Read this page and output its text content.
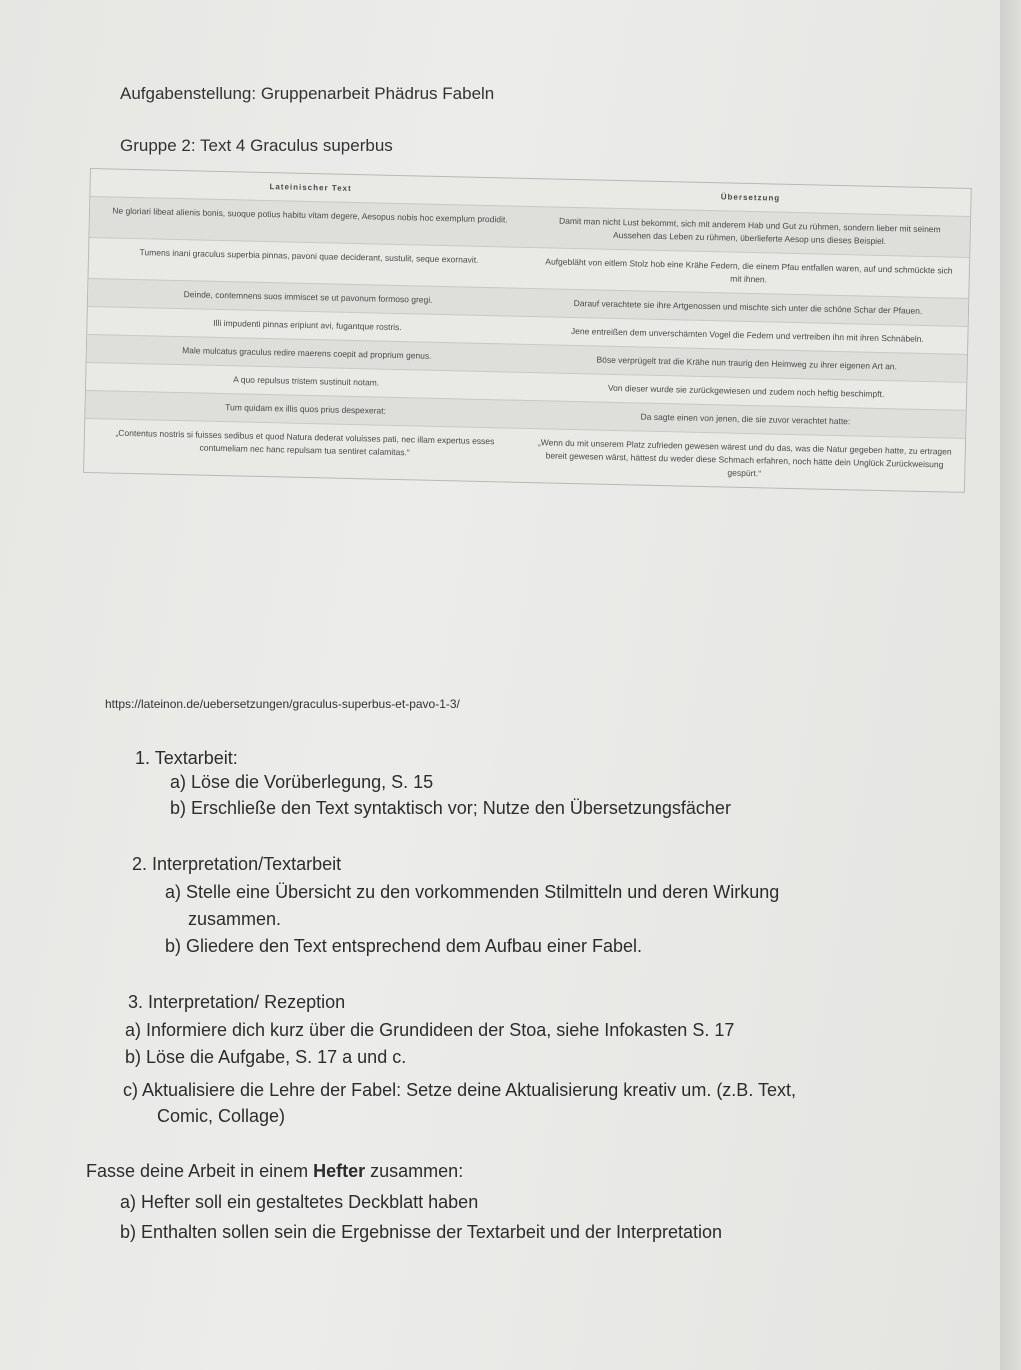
Aufgabenstellung: Gruppenarbeit Phädrus Fabeln
Gruppe 2: Text 4 Graculus superbus
Lateinischer Text
Übersetzung
Ne gloriari libeat alienis bonis, suoque potius habitu vitam degere, Aesopus nobis hoc exemplum prodidit.
Damit man nicht Lust bekommt, sich mit anderem Hab und Gut zu rühmen, sondern lieber mit seinem Aussehen das Leben zu rühmen, überlieferte Aesop uns dieses Beispiel.
Tumens inani graculus superbia pinnas, pavoni quae deciderant, sustulit, seque exornavit.
Aufgebläht von eitlem Stolz hob eine Krähe Federn, die einem Pfau entfallen waren, auf und schmückte sich mit ihnen.
Deinde, contemnens suos immiscet se ut pavonum formoso gregi.
Darauf verachtete sie ihre Artgenossen und mischte sich unter die schöne Schar der Pfauen.
Illi impudenti pinnas eripiunt avi, fugantque rostris.
Jene entreißen dem unverschämten Vogel die Federn und vertreiben ihn mit ihren Schnäbeln.
Male mulcatus graculus redire maerens coepit ad proprium genus.
Böse verprügelt trat die Krähe nun traurig den Heimweg zu ihrer eigenen Art an.
A quo repulsus tristem sustinuit notam.
Von dieser wurde sie zurückgewiesen und zudem noch heftig beschimpft.
Tum quidam ex illis quos prius despexerat:
Da sagte einen von jenen, die sie zuvor verachtet hatte:
„Contentus nostris si fuisses sedibus et quod Natura dederat voluisses pati, nec illam expertus esses contumeliam nec hanc repulsam tua sentiret calamitas.“	„Wenn du mit unserem Platz zufrieden gewesen wärest und du das, was die Natur gegeben hatte, zu ertragen bereit gewesen wärst, hättest du weder diese Schmach erfahren, noch hätte dein Unglück Zurückweisung gespürt.“
https://lateinon.de/uebersetzungen/graculus-superbus-et-pavo-1-3/
1. Textarbeit:
a) Löse die Vorüberlegung, S. 15
b) Erschließe den Text syntaktisch vor; Nutze den Übersetzungsfächer
2. Interpretation/Textarbeit
a) Stelle eine Übersicht zu den vorkommenden Stilmitteln und deren Wirkung
zusammen.
b) Gliedere den Text entsprechend dem Aufbau einer Fabel.
3. Interpretation/ Rezeption
a) Informiere dich kurz über die Grundideen der Stoa, siehe Infokasten S. 17
b) Löse die Aufgabe, S. 17 a und c.
c) Aktualisiere die Lehre der Fabel: Setze deine Aktualisierung kreativ um. (z.B. Text,
Comic, Collage)
Fasse deine Arbeit in einem Hefter zusammen:
a) Hefter soll ein gestaltetes Deckblatt haben
b) Enthalten sollen sein die Ergebnisse der Textarbeit und der Interpretation
